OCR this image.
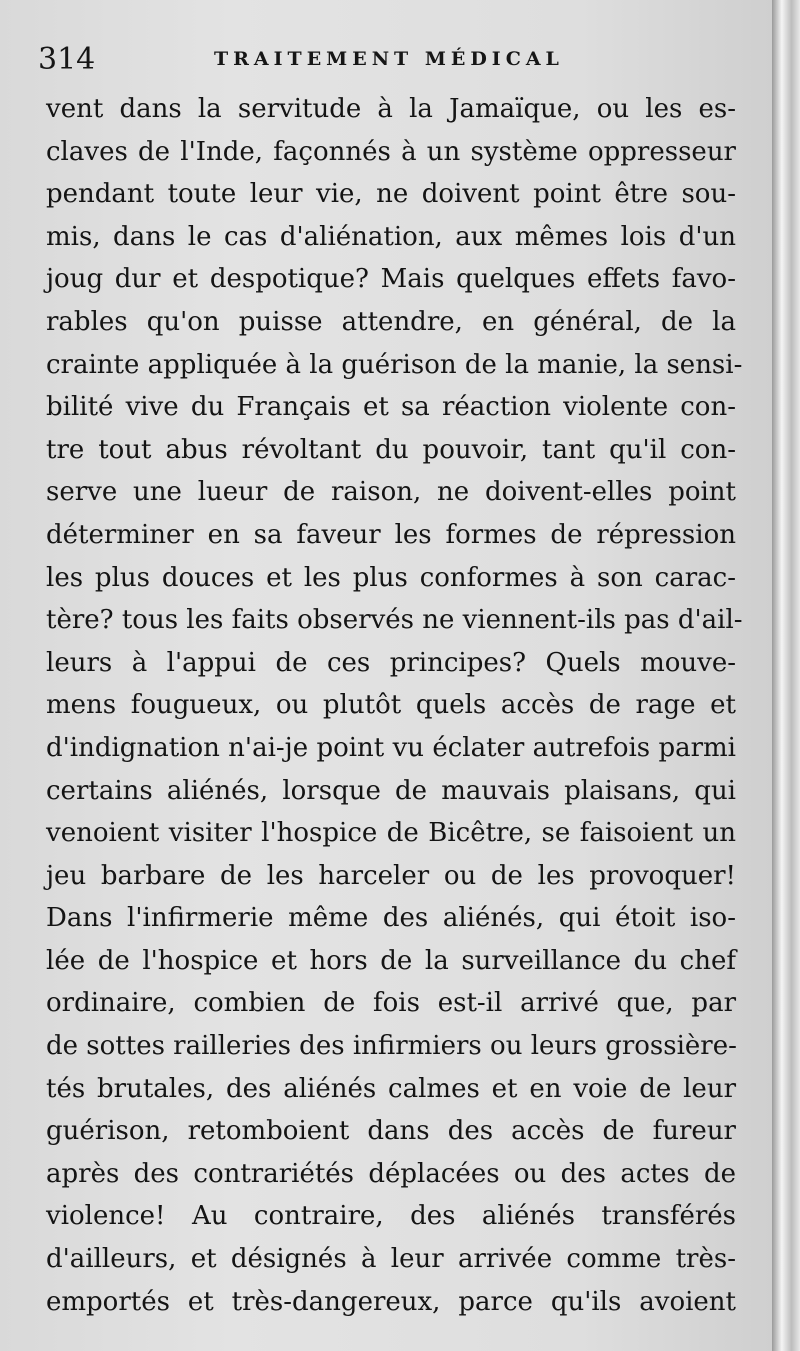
314	TRAITEMENT MÉDICAL
vent dans la servitude à la Jamaïque, ou les es-
claves de l'Inde, façonnés à un système oppresseur
pendant toute leur vie, ne doivent point être sou-
mis, dans le cas d'aliénation, aux mêmes lois d'un
joug dur et despotique? Mais quelques effets favo-
rables qu'on puisse attendre, en général, de la
crainte appliquée à la guérison de la manie, la sensi-
bilité vive du Français et sa réaction violente con-
tre tout abus révoltant du pouvoir, tant qu'il con-
serve une lueur de raison, ne doivent-elles point
déterminer en sa faveur les formes de répression
les plus douces et les plus conformes à son carac-
tère? tous les faits observés ne viennent-ils pas d'ail-
leurs à l'appui de ces principes? Quels mouve-
mens fougueux, ou plutôt quels accès de rage et
d'indignation n'ai-je point vu éclater autrefois parmi
certains aliénés, lorsque de mauvais plaisans, qui
venoient visiter l'hospice de Bicêtre, se faisoient un
jeu barbare de les harceler ou de les provoquer!
Dans l'infirmerie même des aliénés, qui étoit iso-
lée de l'hospice et hors de la surveillance du chef
ordinaire, combien de fois est-il arrivé que, par
de sottes railleries des infirmiers ou leurs grossière-
tés brutales, des aliénés calmes et en voie de leur
guérison, retomboient dans des accès de fureur
après des contrariétés déplacées ou des actes de
violence! Au contraire, des aliénés transférés
d'ailleurs, et désignés à leur arrivée comme très-
emportés et très-dangereux, parce qu'ils avoient
